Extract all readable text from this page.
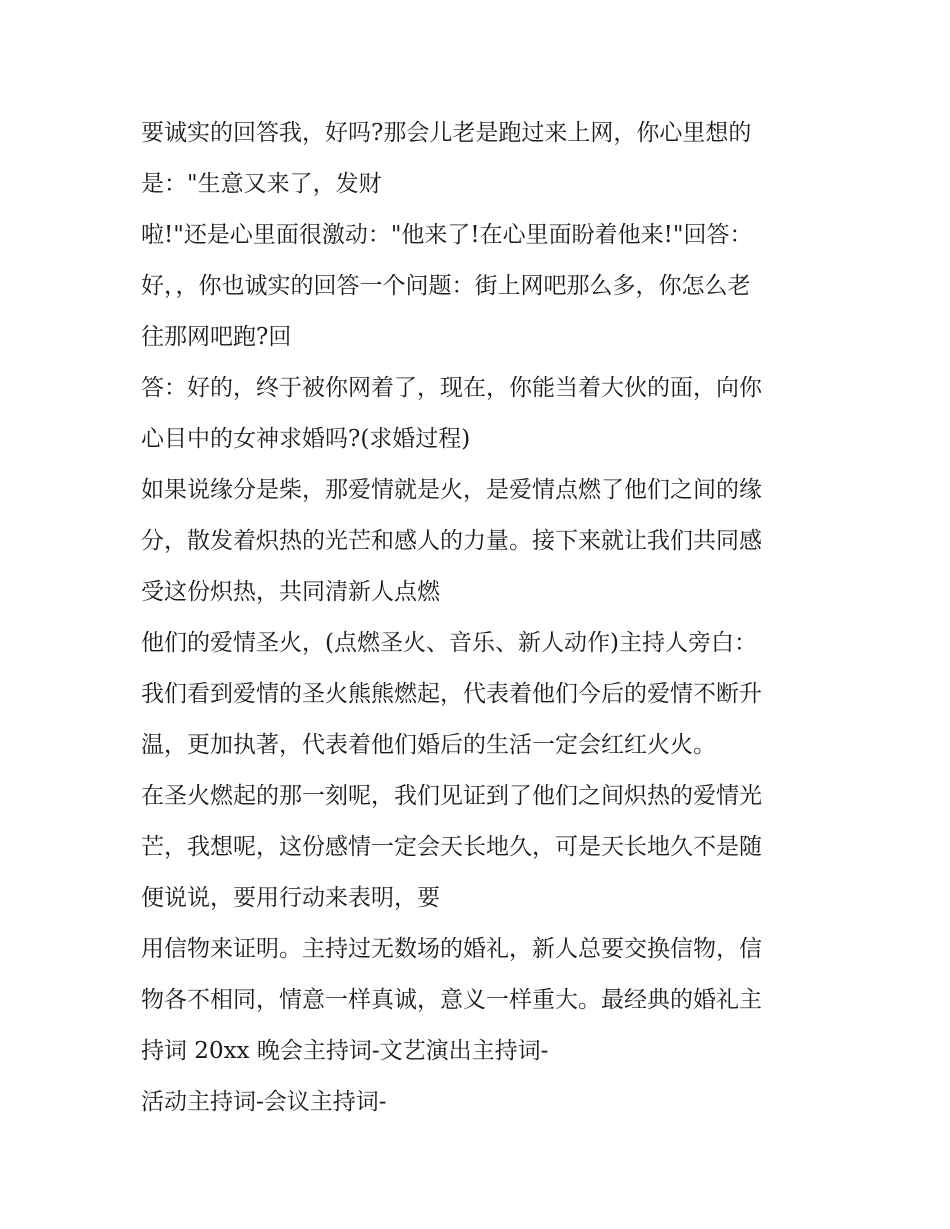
要诚实的回答我，好吗?那会儿老是跑过来上网，你心里想的

是："生意又来了，发财

啦!"还是心里面很激动："他来了!在心里面盼着他来!"回答：

好，，你也诚实的回答一个问题：街上网吧那么多，你怎么老

往那网吧跑?回

答：好的，终于被你网着了，现在，你能当着大伙的面，向你

心目中的女神求婚吗?(求婚过程)

如果说缘分是柴，那爱情就是火，是爱情点燃了他们之间的缘

分，散发着炽热的光芒和感人的力量。接下来就让我们共同感

受这份炽热，共同清新人点燃

他们的爱情圣火，(点燃圣火、音乐、新人动作)主持人旁白：

我们看到爱情的圣火熊熊燃起，代表着他们今后的爱情不断升

温，更加执著，代表着他们婚后的生活一定会红红火火。

在圣火燃起的那一刻呢，我们见证到了他们之间炽热的爱情光

芒，我想呢，这份感情一定会天长地久，可是天长地久不是随

便说说，要用行动来表明，要

用信物来证明。主持过无数场的婚礼，新人总要交换信物，信

物各不相同，情意一样真诚，意义一样重大。最经典的婚礼主

持词 20xx 晚会主持词-文艺演出主持词-

活动主持词-会议主持词-
